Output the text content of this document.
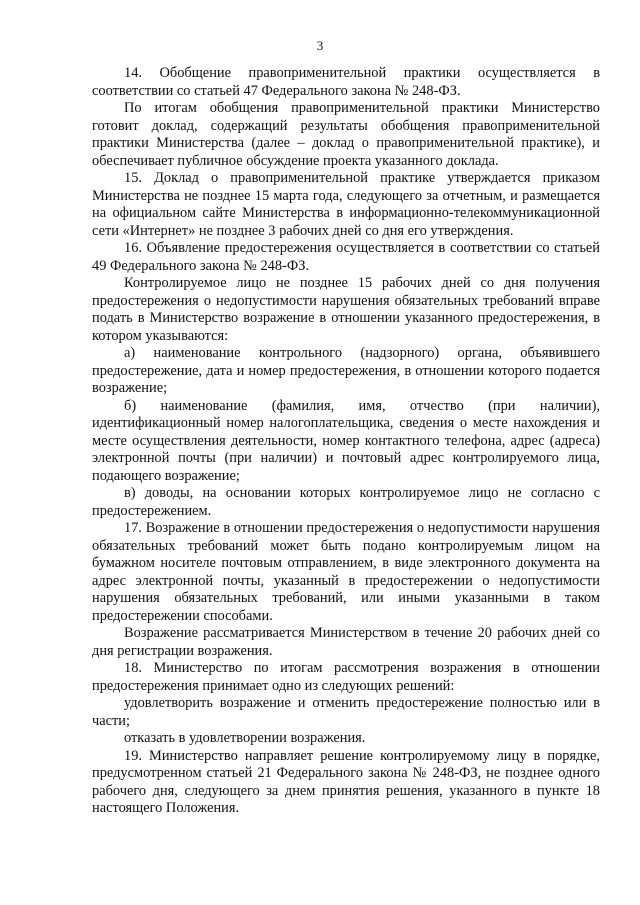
3

14. Обобщение правоприменительной практики осуществляется в соответствии со статьей 47 Федерального закона № 248-ФЗ.

По итогам обобщения правоприменительной практики Министерство готовит доклад, содержащий результаты обобщения правоприменительной практики Министерства (далее – доклад о правоприменительной практике), и обеспечивает публичное обсуждение проекта указанного доклада.

15. Доклад о правоприменительной практике утверждается приказом Министерства не позднее 15 марта года, следующего за отчетным, и размещается на официальном сайте Министерства в информационно-телекоммуникационной сети «Интернет» не позднее 3 рабочих дней со дня его утверждения.

16. Объявление предостережения осуществляется в соответствии со статьей 49 Федерального закона № 248-ФЗ.

Контролируемое лицо не позднее 15 рабочих дней со дня получения предостережения о недопустимости нарушения обязательных требований вправе подать в Министерство возражение в отношении указанного предостережения, в котором указываются:

а) наименование контрольного (надзорного) органа, объявившего предостережение, дата и номер предостережения, в отношении которого подается возражение;

б) наименование (фамилия, имя, отчество (при наличии), идентификационный номер налогоплательщика, сведения о месте нахождения и месте осуществления деятельности, номер контактного телефона, адрес (адреса) электронной почты (при наличии) и почтовый адрес контролируемого лица, подающего возражение;

в) доводы, на основании которых контролируемое лицо не согласно с предостережением.

17. Возражение в отношении предостережения о недопустимости нарушения обязательных требований может быть подано контролируемым лицом на бумажном носителе почтовым отправлением, в виде электронного документа на адрес электронной почты, указанный в предостережении о недопустимости нарушения обязательных требований, или иными указанными в таком предостережении способами.

Возражение рассматривается Министерством в течение 20 рабочих дней со дня регистрации возражения.

18. Министерство по итогам рассмотрения возражения в отношении предостережения принимает одно из следующих решений:

удовлетворить возражение и отменить предостережение полностью или в части;

отказать в удовлетворении возражения.

19. Министерство направляет решение контролируемому лицу в порядке, предусмотренном статьей 21 Федерального закона № 248-ФЗ, не позднее одного рабочего дня, следующего за днем принятия решения, указанного в пункте 18 настоящего Положения.
